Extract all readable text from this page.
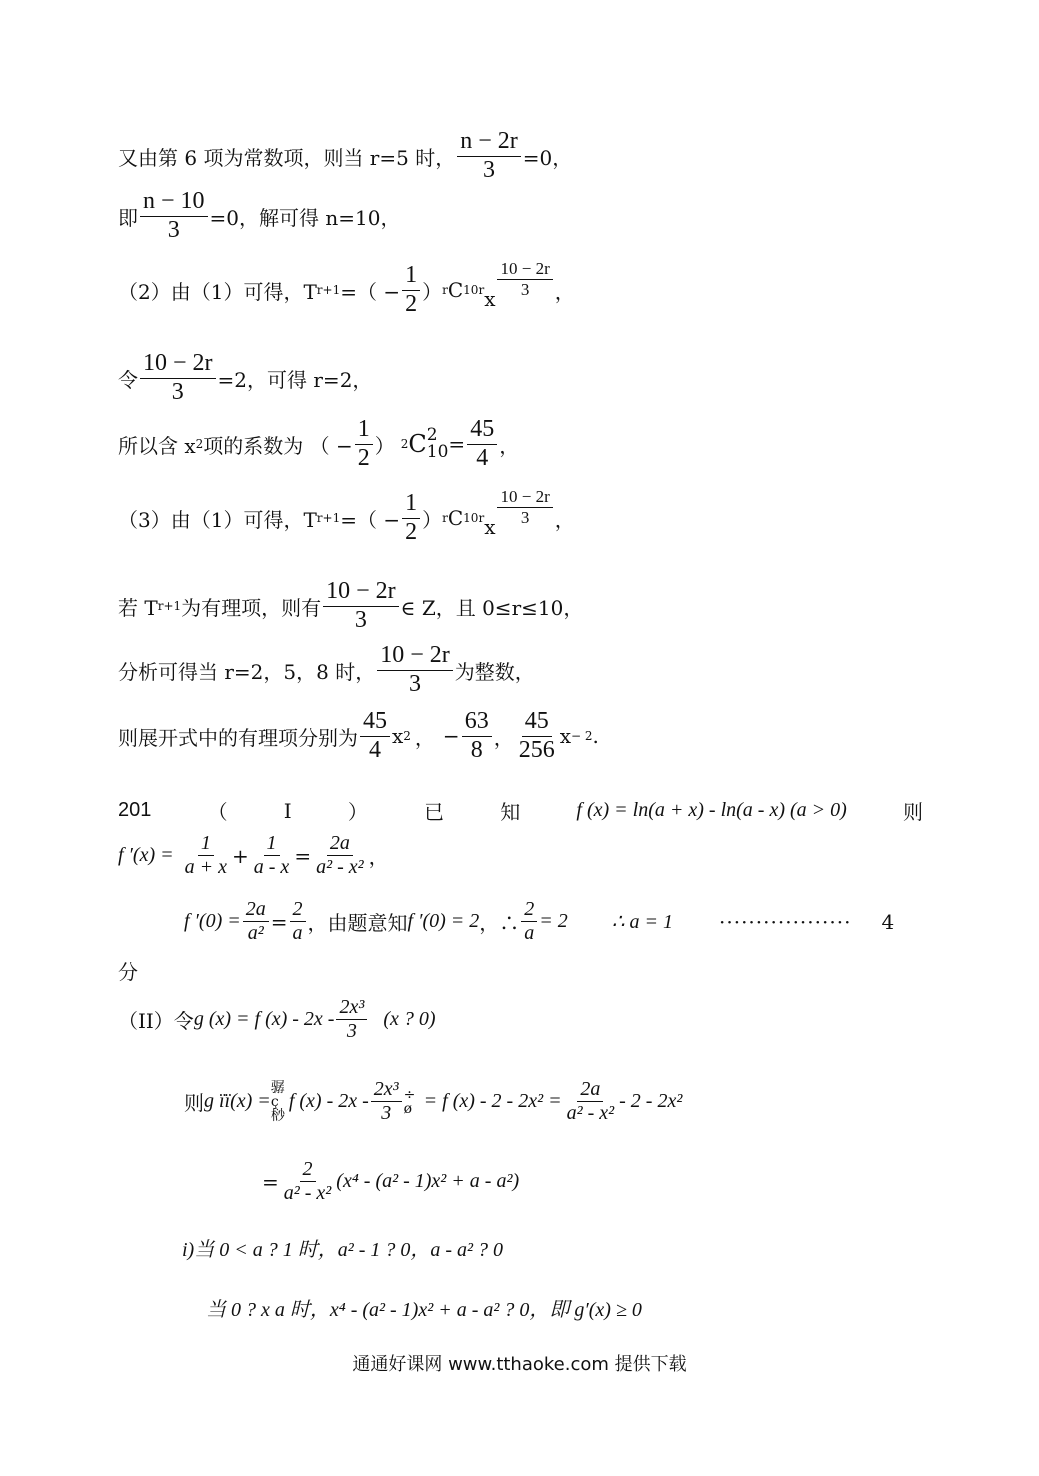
又由第 6 项为常数项，则当 r=5 时， $\frac{n - 2r}{3} =0$，
即 $\frac{n - 10}{3} =0$，解可得 n=10，
（2）由（1）可得，T r+1 =（ − $\frac{1}{2}$ ） r C 10 r x $\frac{10 - 2r}{3}$ ，
令 $\frac{10 - 2r}{3} =2$，可得 r=2，
所以含 x 2 项的系数为 （ − $\frac{1}{2}$ ） 2 C 2
$10 = \frac{45}{4}$ ，
（3）由（1）可得，T r+1 =（ − $\frac{1}{2}$ ） r C 10 r x $\frac{10 - 2r}{3}$ ，
若 T r+1 为有理项，则有 $\frac{10 - 2r}{3}$ ∈ Z，且 0≤r≤10，
分析可得当 r=2，5，8 时， $\frac{10 - 2r}{3}$ 为整数，
则展开式中的有理项分别为 $\frac{45}{4}$ x 2 ， − $\frac{63}{8}$ ， $\frac{45}{256}$ x − 2 .
201	（	Ⅰ	）	已	知	f (x) = ln(a + x) - ln(a - x) (a > 0)	则
f $'(x) = \frac{1}{a + x} + \frac{1}{a - x} = \frac{2a}{\text{a² - x²}}$ ，
f $'(0) = \frac{2a}{\text{a²}} = \frac{2}{a}$ ，由题意知 f ′(0) = 2 ，∴ $\frac{2}{a} = 2$ ∴ a = 1 ·················· 4
分
（II）令 g (x) = f $(x) - 2x - \frac{\text{2x³}}{3} (x$ ? 0)
则 g ïï(x) =
骣 ç 桫
f $(x) - 2x - \frac{\text{2x³}}{3}$ ÷ ø = f $(x) - 2 - 2x^2 = \frac{2a}{\text{a² - x²}} - 2 - 2x^2$
= $\frac{2}{\text{a² - x²}} (x^4 - (a^2 - 1)x^2 + a - a^2)$
i)当 0 < a ? 1 时，a² - 1 ? 0，a - a² ? 0
当 0 ? x a 时，x⁴ - (a² - 1)x² + a - a² ? 0，即 g′(x) ≥ 0
通通好课网 www.tthaoke.com 提供下载
